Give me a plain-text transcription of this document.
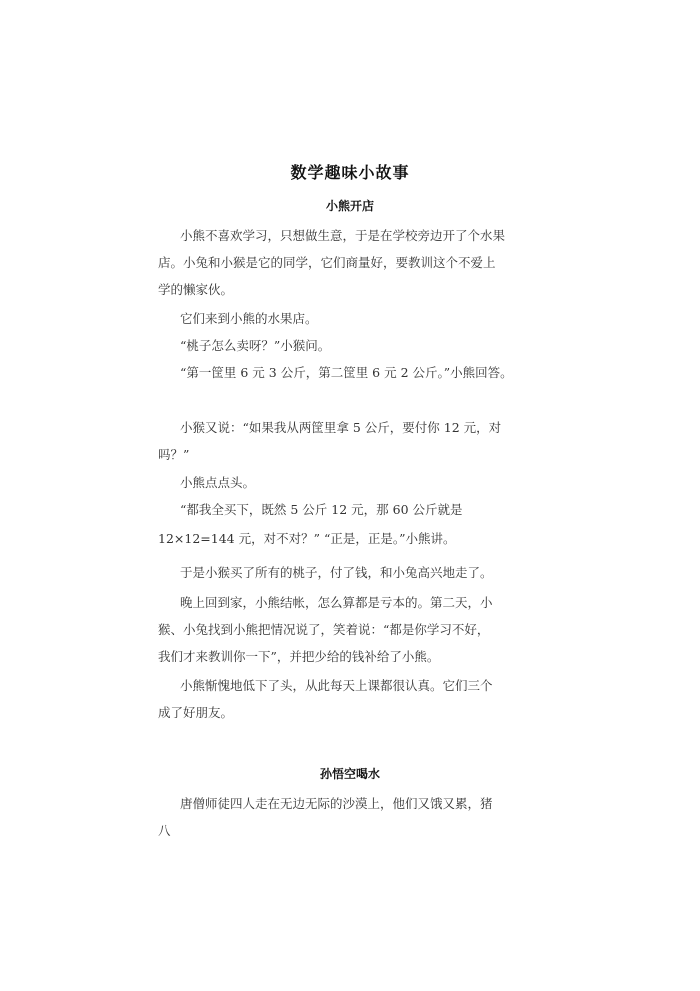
数学趣味小故事
小熊开店
小熊不喜欢学习，只想做生意，于是在学校旁边开了个水果
店。小兔和小猴是它的同学，它们商量好，要教训这个不爱上
学的懒家伙。
它们来到小熊的水果店。
“桃子怎么卖呀？”小猴问。
“第一筐里 6 元 3 公斤，第二筐里 6 元 2 公斤。”小熊回答。
小猴又说：“如果我从两筐里拿 5 公斤，要付你 12 元，对
吗？”
小熊点点头。
“都我全买下，既然 5 公斤 12 元，那 60 公斤就是
12×12=144 元，对不对？” “正是，正是。”小熊讲。
于是小猴买了所有的桃子，付了钱，和小兔高兴地走了。
晚上回到家，小熊结帐，怎么算都是亏本的。第二天，小
猴、小兔找到小熊把情况说了，笑着说：“都是你学习不好，
我们才来教训你一下”，并把少给的钱补给了小熊。
小熊惭愧地低下了头，从此每天上课都很认真。它们三个
成了好朋友。
孙悟空喝水
唐僧师徒四人走在无边无际的沙漠上，他们又饿又累，猪
八
